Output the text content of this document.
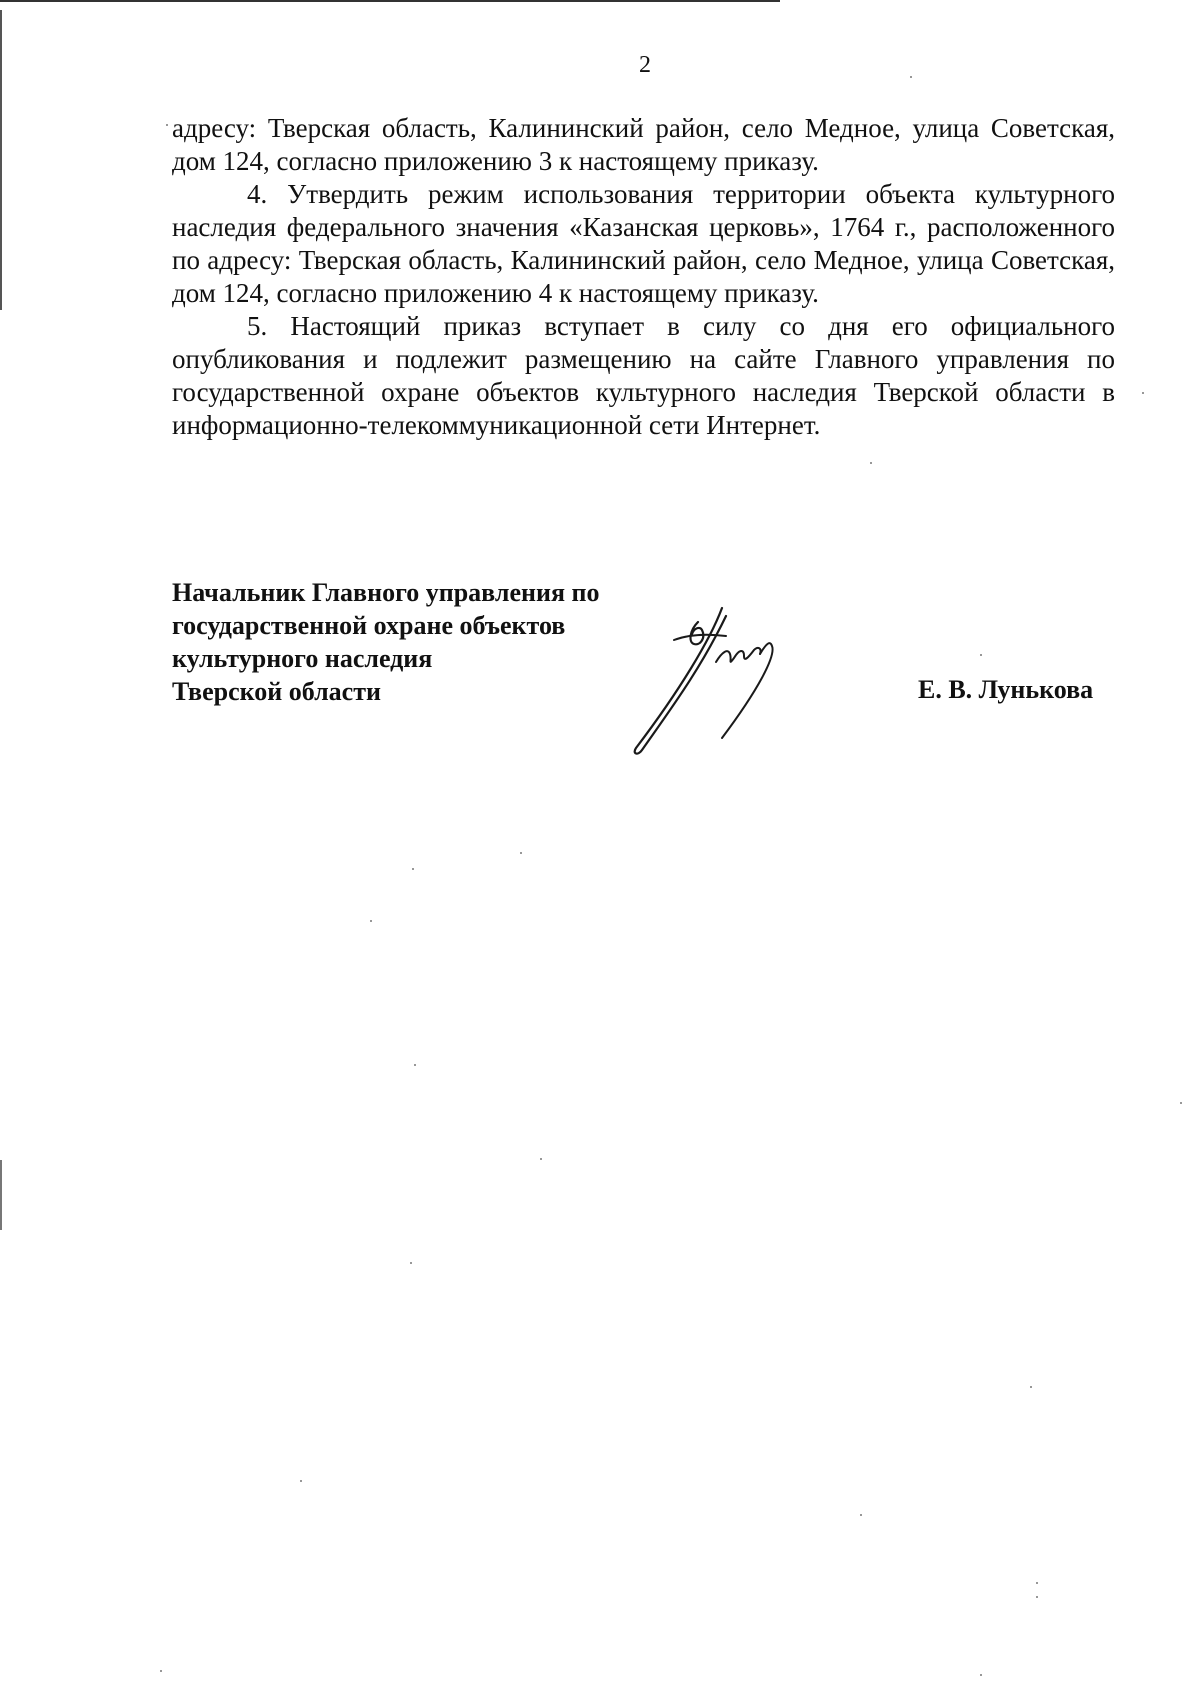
2

адресу: Тверская область, Калининский район, село Медное, улица Советская, дом 124, согласно приложению 3 к настоящему приказу.

4. Утвердить режим использования территории объекта культурного наследия федерального значения «Казанская церковь», 1764 г., расположенного по адресу: Тверская область, Калининский район, село Медное, улица Советская, дом 124, согласно приложению 4 к настоящему приказу.

5. Настоящий приказ вступает в силу со дня его официального опубликования и подлежит размещению на сайте Главного управления по государственной охране объектов культурного наследия Тверской области в информационно-телекоммуникационной сети Интернет.

Начальник Главного управления по
государственной охране объектов
культурного наследия
Тверской области	Е. В. Лунькова
